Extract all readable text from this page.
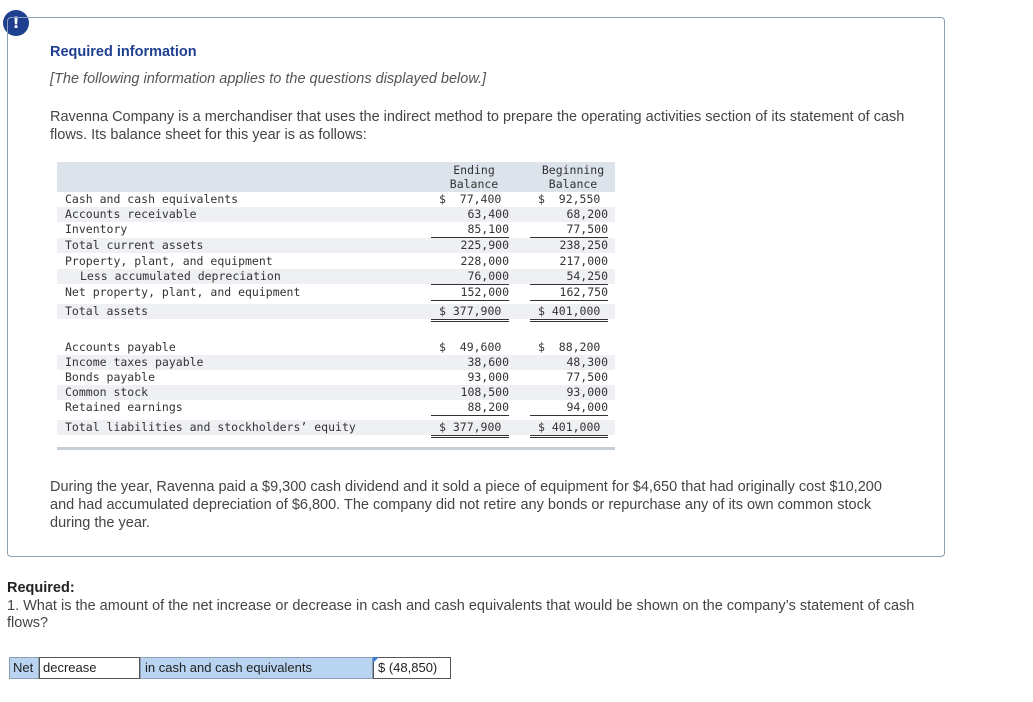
!
Required information
[The following information applies to the questions displayed below.]
Ravenna Company is a merchandiser that uses the indirect method to prepare the operating activities section of its statement of cash flows. Its balance sheet for this year is as follows:
Ending
Balance
Beginning
Balance
Cash and cash equivalents	$  77,400	$  92,550
Accounts receivable	63,400	68,200
Inventory	85,100	77,500
Total current assets	225,900	238,250
Property, plant, and equipment	228,000	217,000
Less accumulated depreciation	76,000	54,250
Net property, plant, and equipment	152,000	162,750
Total assets	$ 377,900	$ 401,000
Accounts payable	$  49,600	$  88,200
Income taxes payable	38,600	48,300
Bonds payable	93,000	77,500
Common stock	108,500	93,000
Retained earnings	88,200	94,000
Total liabilities and stockholders’ equity	$ 377,900	$ 401,000
During the year, Ravenna paid a $9,300 cash dividend and it sold a piece of equipment for $4,650 that had originally cost $10,200 and had accumulated depreciation of $6,800. The company did not retire any bonds or repurchase any of its own common stock during the year.
Required:
1. What is the amount of the net increase or decrease in cash and cash equivalents that would be shown on the company’s statement of cash flows?
Net decrease	in cash and cash equivalents	$ (48,850)
